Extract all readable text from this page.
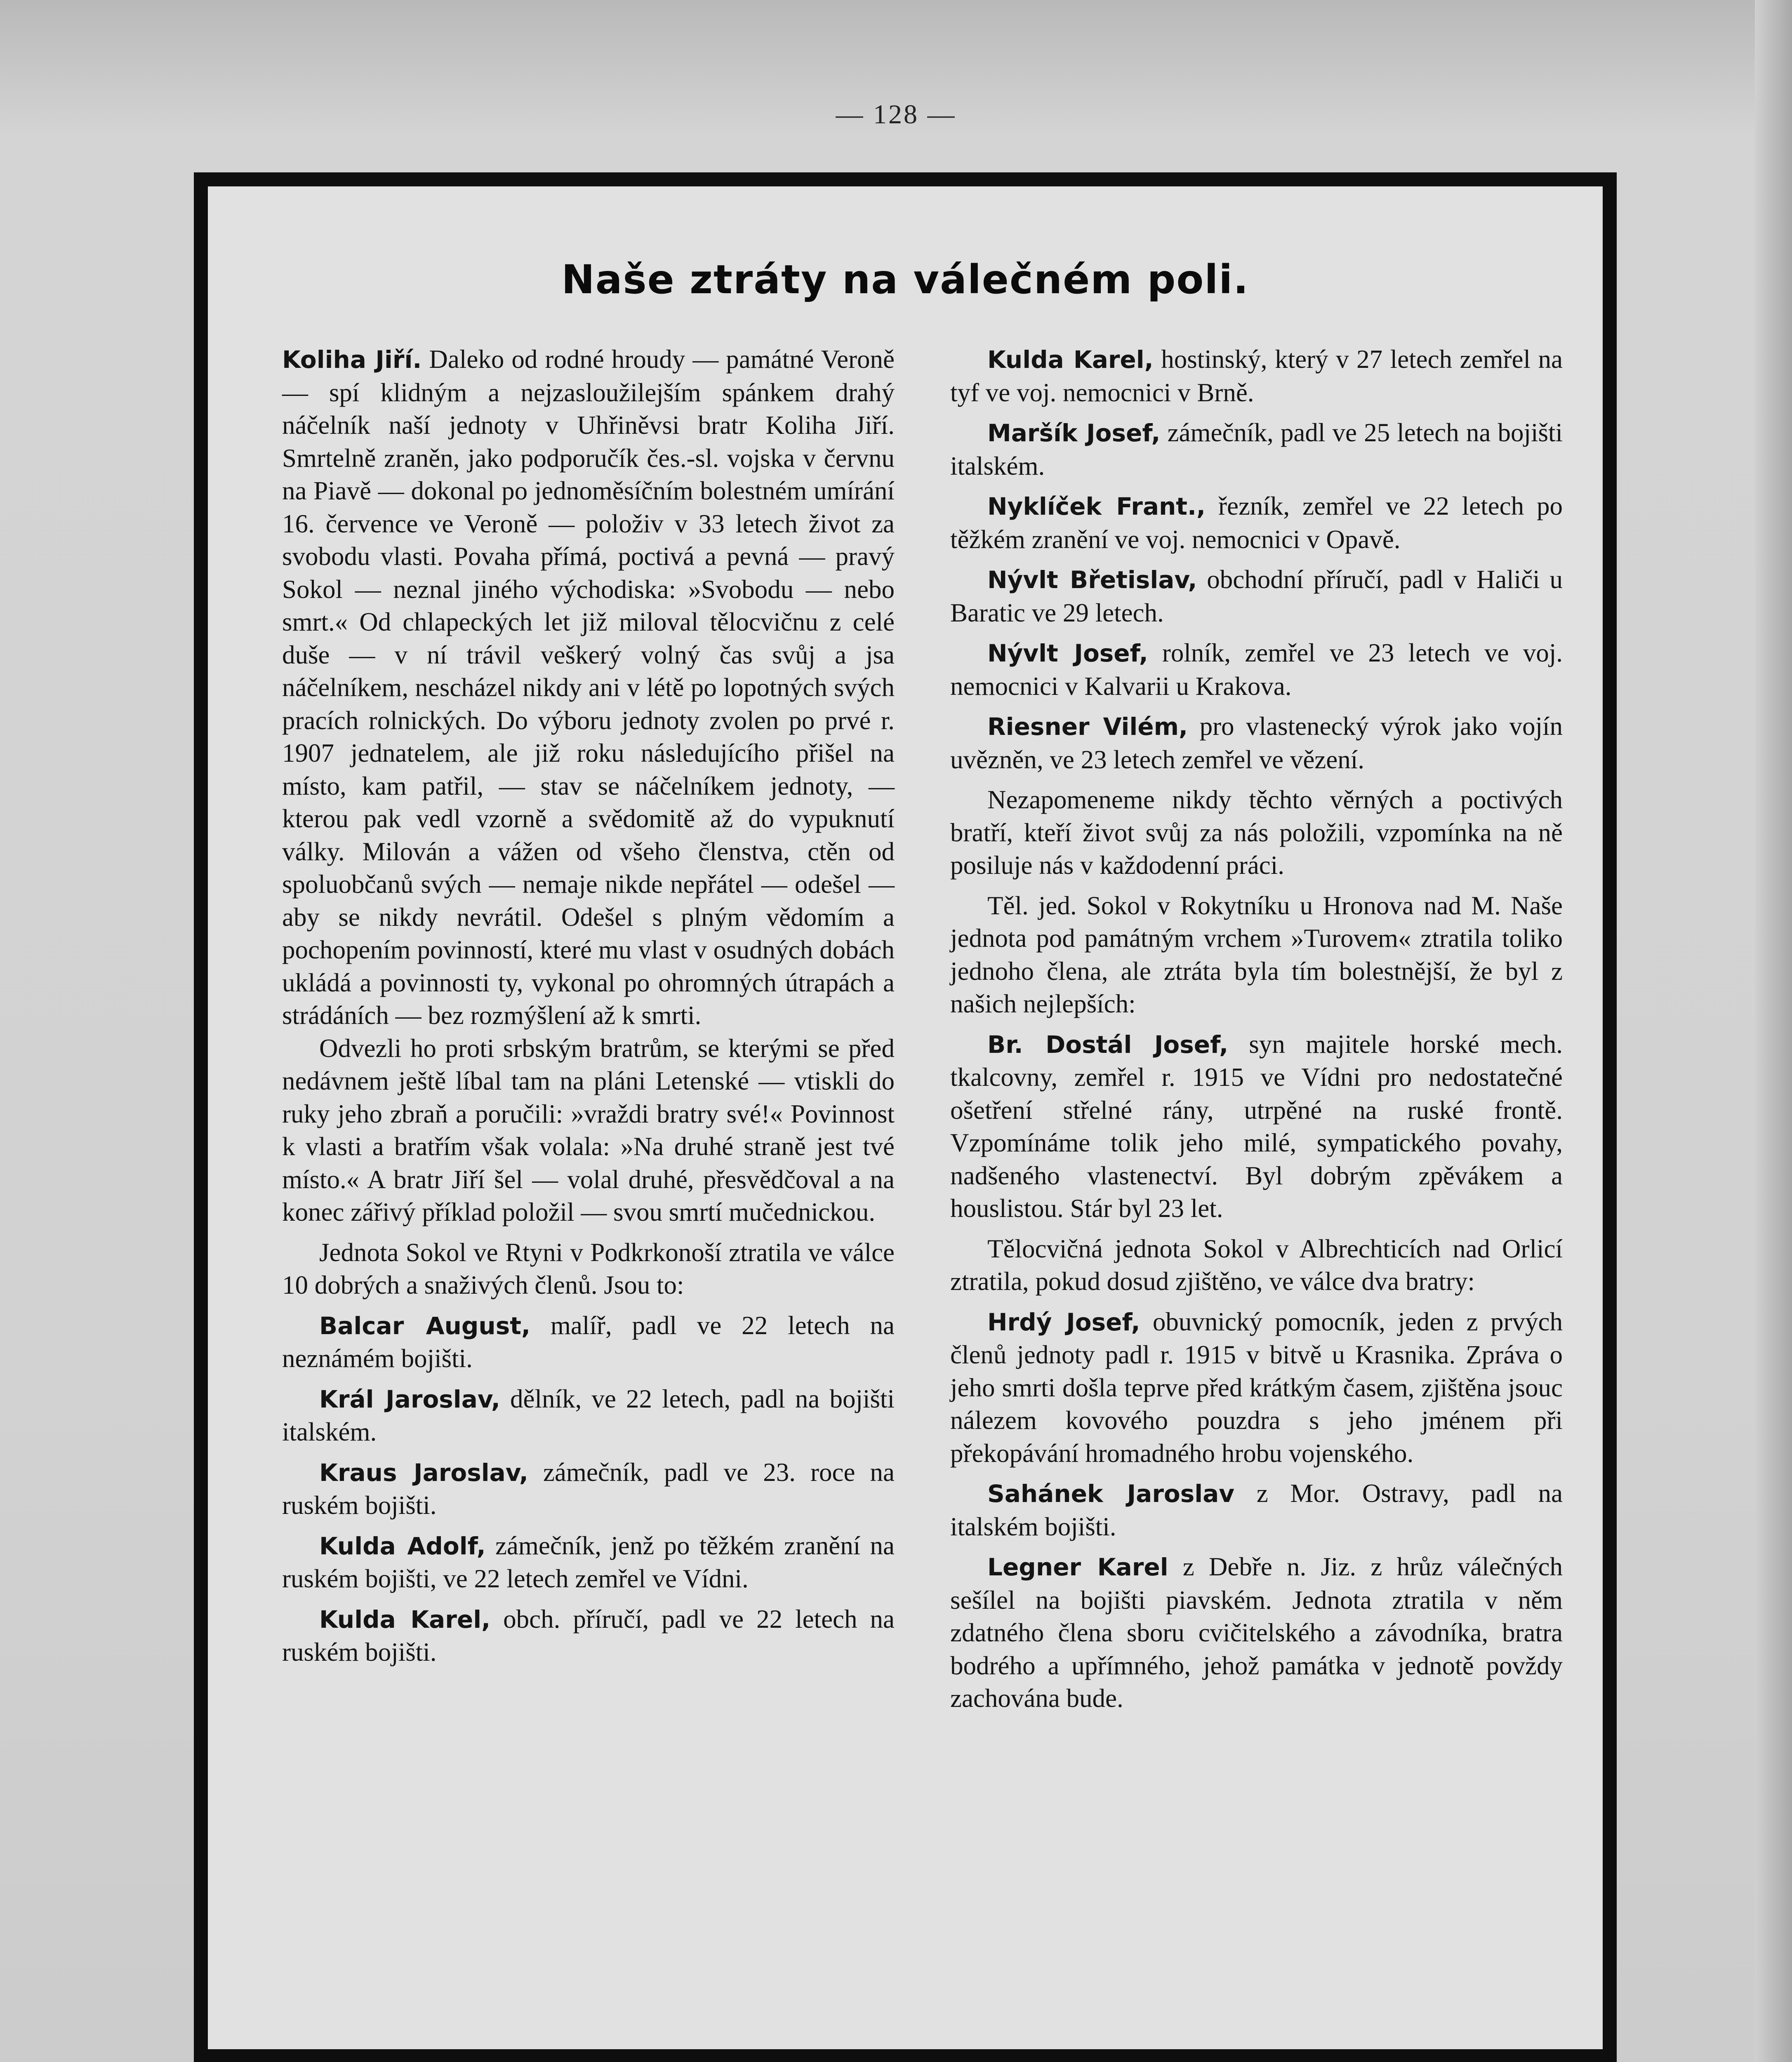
— 128 —
Naše ztráty na válečném poli.

Koliha Jiří. Daleko od rodné hroudy — památné Veroně — spí klidným a nejzasloužilejším spánkem drahý náčelník naší jednoty v Uhřiněvsi bratr Koliha Jiří. Smrtelně zraněn, jako podporučík čes.-sl. vojska v červnu na Piavě — dokonal po jednoměsíčním bolestném umírání 16. července ve Veroně — položiv v 33 letech život za svobodu vlasti. Povaha přímá, poctivá a pevná — pravý Sokol — neznal jiného východiska: »Svobodu — nebo smrt.« Od chlapeckých let již miloval tělocvičnu z celé duše — v ní trávil veškerý volný čas svůj a jsa náčelníkem, nescházel nikdy ani v létě po lopotných svých pracích rolnických. Do výboru jednoty zvolen po prvé r. 1907 jednatelem, ale již roku následujícího přišel na místo, kam patřil, — stav se náčelníkem jednoty, — kterou pak vedl vzorně a svědomitě až do vypuknutí války. Milován a vážen od všeho členstva, ctěn od spoluobčanů svých — nemaje nikde nepřátel — odešel — aby se nikdy nevrátil. Odešel s plným vědomím a pochopením povinností, které mu vlast v osudných dobách ukládá a povinnosti ty, vykonal po ohromných útrapách a strádáních — bez rozmýšlení až k smrti.

Odvezli ho proti srbským bratrům, se kterými se před nedávnem ještě líbal tam na pláni Letenské — vtiskli do ruky jeho zbraň a poručili: »vraždi bratry své!« Povinnost k vlasti a bratřím však volala: »Na druhé straně jest tvé místo.« A bratr Jiří šel — volal druhé, přesvědčoval a na konec zářivý příklad položil — svou smrtí mučednickou.

Jednota Sokol ve Rtyni v Podkrkonoší ztratila ve válce 10 dobrých a snaživých členů. Jsou to:

Balcar August, malíř, padl ve 22 letech na neznámém bojišti.

Král Jaroslav, dělník, ve 22 letech, padl na bojišti italském.

Kraus Jaroslav, zámečník, padl ve 23. roce na ruském bojišti.

Kulda Adolf, zámečník, jenž po těžkém zranění na ruském bojišti, ve 22 letech zemřel ve Vídni.

Kulda Karel, obch. příručí, padl ve 22 letech na ruském bojišti.

Kulda Karel, hostinský, který v 27 letech zemřel na tyf ve voj. nemocnici v Brně.

Maršík Josef, zámečník, padl ve 25 letech na bojišti italském.

Nyklíček Frant., řezník, zemřel ve 22 letech po těžkém zranění ve voj. nemocnici v Opavě.

Nývlt Břetislav, obchodní příručí, padl v Haliči u Baratic ve 29 letech.

Nývlt Josef, rolník, zemřel ve 23 letech ve voj. nemocnici v Kalvarii u Krakova.

Riesner Vilém, pro vlastenecký výrok jako vojín uvězněn, ve 23 letech zemřel ve vězení.

Nezapomeneme nikdy těchto věrných a poctivých bratří, kteří život svůj za nás položili, vzpomínka na ně posiluje nás v každodenní práci.

Těl. jed. Sokol v Rokytníku u Hronova nad M. Naše jednota pod památným vrchem »Turovem« ztratila toliko jednoho člena, ale ztráta byla tím bolestnější, že byl z našich nejlepších:

Br. Dostál Josef, syn majitele horské mech. tkalcovny, zemřel r. 1915 ve Vídni pro nedostatečné ošetření střelné rány, utrpěné na ruské frontě. Vzpomínáme tolik jeho milé, sympatického povahy, nadšeného vlastenectví. Byl dobrým zpěvákem a houslistou. Stár byl 23 let.

Tělocvičná jednota Sokol v Albrechticích nad Orlicí ztratila, pokud dosud zjištěno, ve válce dva bratry:

Hrdý Josef, obuvnický pomocník, jeden z prvých členů jednoty padl r. 1915 v bitvě u Krasnika. Zpráva o jeho smrti došla teprve před krátkým časem, zjištěna jsouc nálezem kovového pouzdra s jeho jménem při překopávání hromadného hrobu vojenského.

Sahánek Jaroslav z Mor. Ostravy, padl na italském bojišti.

Legner Karel z Debře n. Jiz. z hrůz válečných sešílel na bojišti piavském. Jednota ztratila v něm zdatného člena sboru cvičitelského a závodníka, bratra bodrého a upřímného, jehož památka v jednotě povždy zachována bude.
